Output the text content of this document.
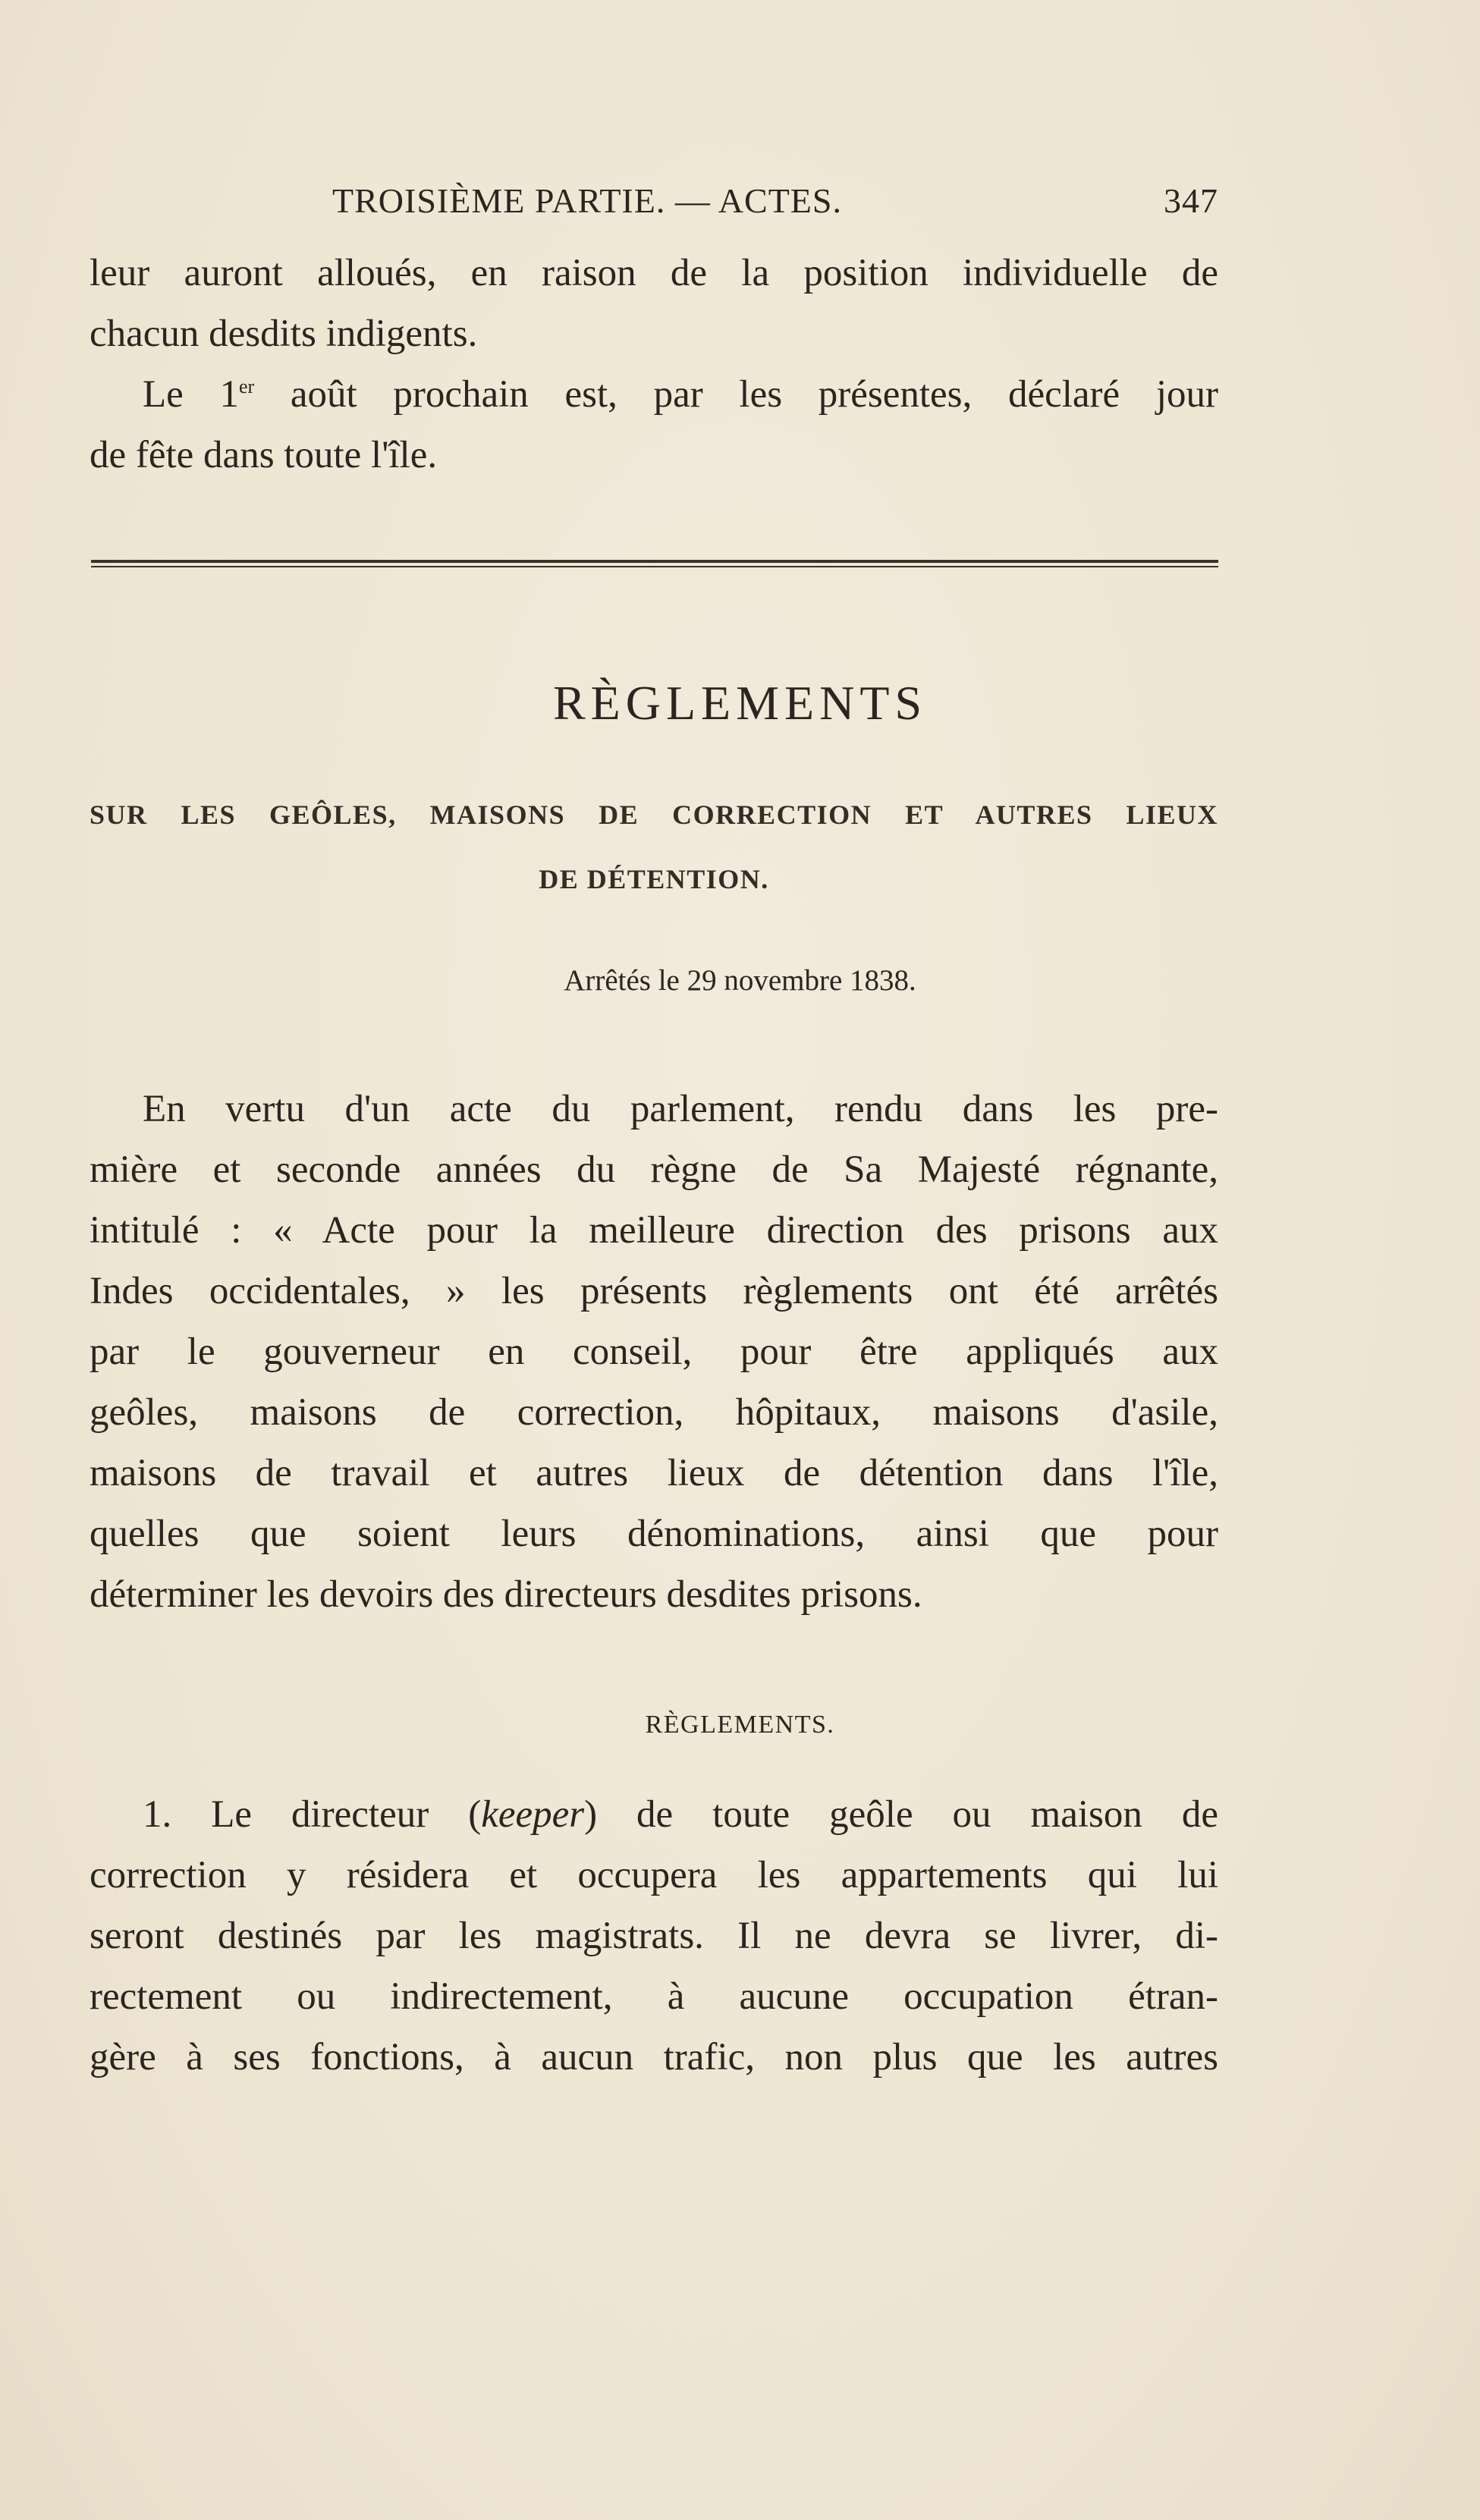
TROISIÈME PARTIE. — ACTES.	347
leur auront alloués, en raison de la position individuelle de
chacun desdits indigents.
Le 1er août prochain est, par les présentes, déclaré jour
de fête dans toute l'île.
RÈGLEMENTS
SUR LES GEÔLES, MAISONS DE CORRECTION ET AUTRES LIEUX
DE DÉTENTION.
Arrêtés le 29 novembre 1838.
En vertu d'un acte du parlement, rendu dans les pre-
mière et seconde années du règne de Sa Majesté régnante,
intitulé : « Acte pour la meilleure direction des prisons aux
Indes occidentales, » les présents règlements ont été arrêtés
par le gouverneur en conseil, pour être appliqués aux
geôles, maisons de correction, hôpitaux, maisons d'asile,
maisons de travail et autres lieux de détention dans l'île,
quelles que soient leurs dénominations, ainsi que pour
déterminer les devoirs des directeurs desdites prisons.
RÈGLEMENTS.
1. Le directeur (keeper) de toute geôle ou maison de
correction y résidera et occupera les appartements qui lui
seront destinés par les magistrats. Il ne devra se livrer, di-
rectement ou indirectement, à aucune occupation étran-
gère à ses fonctions, à aucun trafic, non plus que les autres
